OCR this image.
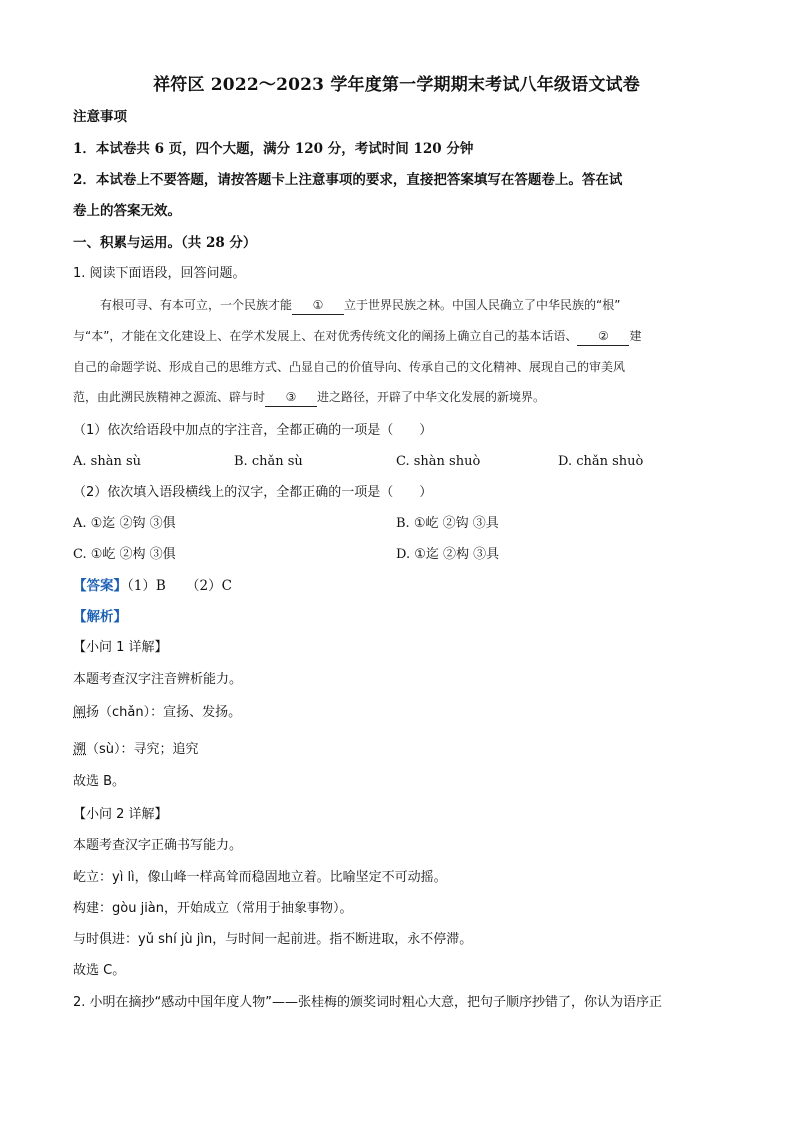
祥符区 2022～2023 学年度第一学期期末考试八年级语文试卷
注意事项
1．本试卷共 6 页，四个大题，满分 120 分，考试时间 120 分钟
2．本试卷上不要答题，请按答题卡上注意事项的要求，直接把答案填写在答题卷上。答在试
卷上的答案无效。
一、积累与运用。（共 28 分）
1. 阅读下面语段，回答问题。
有根可寻、有本可立，一个民族才能 ① 立于世界民族之林。中国人民确立了中华民族的“根”
与“本”，才能在文化建设上、在学术发展上、在对优秀传统文化的阐扬上确立自己的基本话语、 ② 建
自己的命题学说、形成自己的思维方式、凸显自己的价值导向、传承自己的文化精神、展现自己的审美风
范，由此溯民族精神之源流、辟与时 ③ 进之路径，开辟了中华文化发展的新境界。
（1）依次给语段中加点的字注音，全都正确的一项是（　　）
A. shàn sù	B. chǎn sù	C. shàn shuò	D. chǎn shuò
（2）依次填入语段横线上的汉字，全都正确的一项是（　　）
A. ①迄 ②钩 ③俱	B. ①屹 ②钩 ③具
C. ①屹 ②构 ③俱	D. ①迄 ②构 ③具
【答案】（1）B　　（2）C
【解析】
【小问 1 详解】
本题考查汉字注音辨析能力。
阐扬（chǎn）：宣扬、发扬。
溯（sù）：寻究；追究
故选 B。
【小问 2 详解】
本题考查汉字正确书写能力。
屹立：yì lì，像山峰一样高耸而稳固地立着。比喻坚定不可动摇。
构建：gòu jiàn，开始成立（常用于抽象事物）。
与时俱进：yǔ shí jù jìn，与时间一起前进。指不断进取，永不停滞。
故选 C。
2. 小明在摘抄“感动中国年度人物”——张桂梅的颁奖词时粗心大意，把句子顺序抄错了，你认为语序正
